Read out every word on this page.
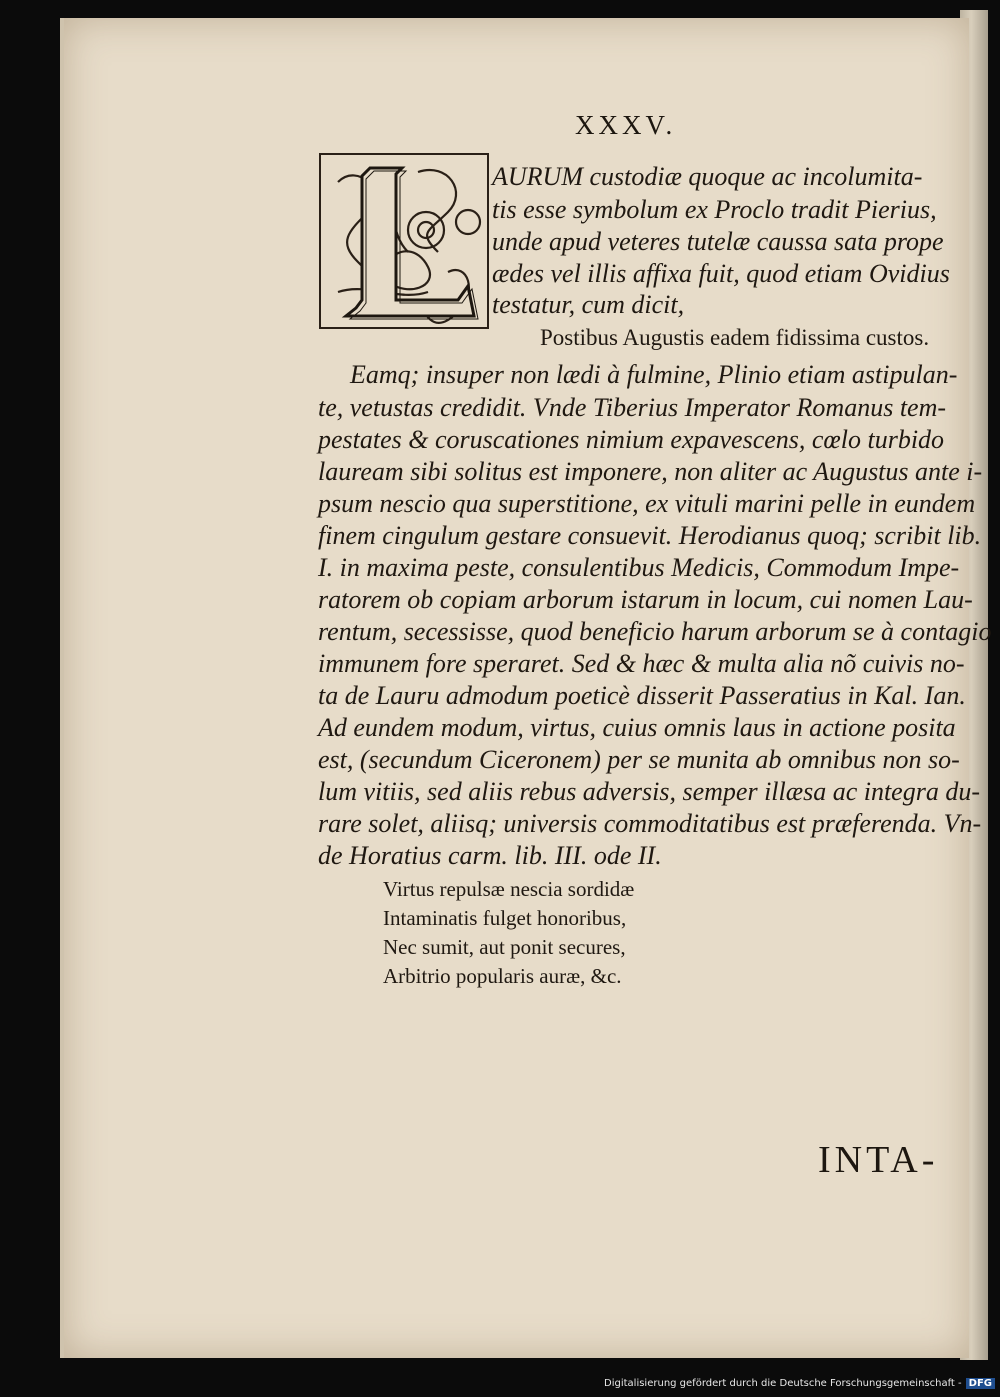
XXXV.
AURUM custodiæ quoque ac incolumita-
tis esse symbolum ex Proclo tradit Pierius,
unde apud veteres tutelæ caussa sata prope
ædes vel illis affixa fuit, quod etiam Ovidius
testatur, cum dicit,
Postibus Augustis eadem fidissima custos.
Eamq; insuper non lædi à fulmine, Plinio etiam astipulan-
te, vetustas credidit. Vnde Tiberius Imperator Romanus tem-
pestates & coruscationes nimium expavescens, cœlo turbido
lauream sibi solitus est imponere, non aliter ac Augustus ante i-
psum nescio qua superstitione, ex vituli marini pelle in eundem
finem cingulum gestare consuevit. Herodianus quoq; scribit lib.
I. in maxima peste, consulentibus Medicis, Commodum Impe-
ratorem ob copiam arborum istarum in locum, cui nomen Lau-
rentum, secessisse, quod beneficio harum arborum se à contagio
immunem fore speraret. Sed & hæc & multa alia nõ cuivis no-
ta de Lauru admodum poeticè disserit Passeratius in Kal. Ian.
Ad eundem modum, virtus, cuius omnis laus in actione posita
est, (secundum Ciceronem) per se munita ab omnibus non so-
lum vitiis, sed aliis rebus adversis, semper illæsa ac integra du-
rare solet, aliisq; universis commoditatibus est præferenda. Vn-
de Horatius carm. lib. III. ode II.
Virtus repulsæ nescia sordidæ
Intaminatis fulget honoribus,
Nec sumit, aut ponit secures,
Arbitrio popularis auræ, &c.
INTA-
Digitalisierung gefördert durch die Deutsche Forschungsgemeinschaft - DFG
